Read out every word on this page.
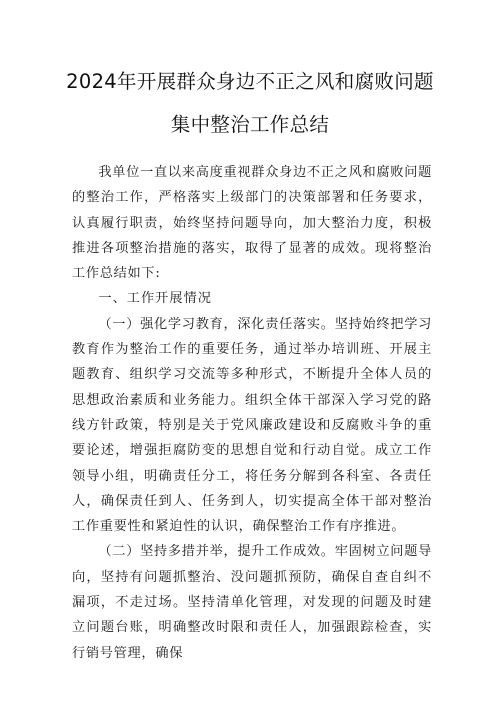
2024年开展群众身边不正之风和腐败问题
集中整治工作总结

我单位一直以来高度重视群众身边不正之风和腐败问题的整治工作，严格落实上级部门的决策部署和任务要求，认真履行职责，始终坚持问题导向，加大整治力度，积极推进各项整治措施的落实，取得了显著的成效。现将整治工作总结如下:

一、工作开展情况

（一）强化学习教育，深化责任落实。坚持始终把学习教育作为整治工作的重要任务，通过举办培训班、开展主题教育、组织学习交流等多种形式，不断提升全体人员的思想政治素质和业务能力。组织全体干部深入学习党的路线方针政策，特别是关于党风廉政建设和反腐败斗争的重要论述，增强拒腐防变的思想自觉和行动自觉。成立工作领导小组，明确责任分工，将任务分解到各科室、各责任人，确保责任到人、任务到人，切实提高全体干部对整治工作重要性和紧迫性的认识，确保整治工作有序推进。

（二）坚持多措并举，提升工作成效。牢固树立问题导向，坚持有问题抓整治、没问题抓预防，确保自查自纠不漏项，不走过场。坚持清单化管理，对发现的问题及时建立问题台账，明确整改时限和责任人，加强跟踪检查，实行销号管理，确保
